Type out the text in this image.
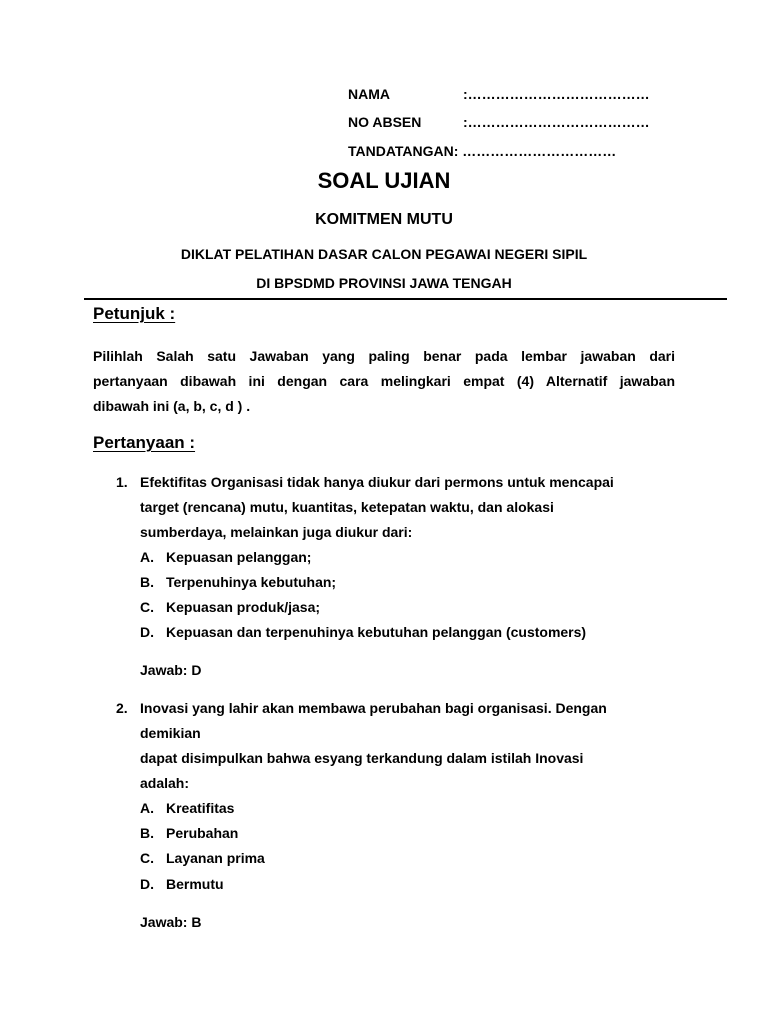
NAMA	:…………………………………
NO ABSEN	:…………………………………
TANDATANGAN: ……………………………
SOAL UJIAN
KOMITMEN MUTU
DIKLAT PELATIHAN DASAR CALON PEGAWAI NEGERI SIPIL
DI BPSDMD PROVINSI JAWA TENGAH
Petunjuk :
Pilihlah Salah satu Jawaban yang paling benar pada lembar jawaban dari
pertanyaan dibawah ini dengan cara melingkari empat (4) Alternatif jawaban
dibawah ini (a, b, c, d ) .
Pertanyaan :
1. Efektifitas Organisasi tidak hanya diukur dari permons untuk mencapai
target (rencana) mutu, kuantitas, ketepatan waktu, dan alokasi
sumberdaya, melainkan juga diukur dari:
A. Kepuasan pelanggan;
B. Terpenuhinya kebutuhan;
C. Kepuasan produk/jasa;
D. Kepuasan dan terpenuhinya kebutuhan pelanggan (customers)
Jawab: D
2. Inovasi yang lahir akan membawa perubahan bagi organisasi. Dengan
demikian
dapat disimpulkan bahwa esyang terkandung dalam istilah Inovasi
adalah:
A. Kreatifitas
B. Perubahan
C. Layanan prima
D. Bermutu
Jawab: B
